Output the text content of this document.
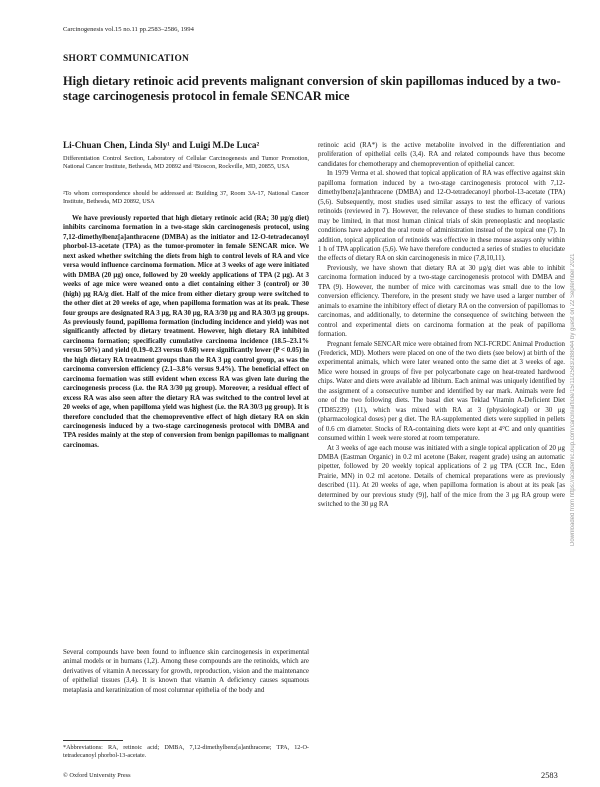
Carcinogenesis vol.15 no.11 pp.2583–2586, 1994
SHORT COMMUNICATION
High dietary retinoic acid prevents malignant conversion of skin papillomas induced by a two-stage carcinogenesis protocol in female SENCAR mice
Li-Chuan Chen, Linda Sly¹ and Luigi M.De Luca²
Differentiation Control Section, Laboratory of Cellular Carcinogenesis and Tumor Promotion, National Cancer Institute, Bethesda, MD 20892 and ¹Bioscon, Rockville, MD, 20855, USA
²To whom correspondence should be addressed at: Building 37, Room 3A-17, National Cancer Institute, Bethesda, MD 20892, USA

We have previously reported that high dietary retinoic acid (RA; 30 μg/g diet) inhibits carcinoma formation in a two-stage skin carcinogenesis protocol, using 7,12-dimethylbenz[a]anthracene (DMBA) as the initiator and 12-O-tetradecanoyl phorbol-13-acetate (TPA) as the tumor-promoter in female SENCAR mice. We next asked whether switching the diets from high to control levels of RA and vice versa would influence carcinoma formation. Mice at 3 weeks of age were initiated with DMBA (20 μg) once, followed by 20 weekly applications of TPA (2 μg). At 3 weeks of age mice were weaned onto a diet containing either 3 (control) or 30 (high) μg RA/g diet. Half of the mice from either dietary group were switched to the other diet at 20 weeks of age, when papilloma formation was at its peak. These four groups are designated RA 3 μg, RA 30 μg, RA 3/30 μg and RA 30/3 μg groups. As previously found, papilloma formation (including incidence and yield) was not significantly affected by dietary treatment. However, high dietary RA inhibited carcinoma formation; specifically cumulative carcinoma incidence (18.5–23.1% versus 50%) and yield (0.19–0.23 versus 0.68) were significantly lower (P < 0.05) in the high dietary RA treatment groups than the RA 3 μg control group, as was the carcinoma conversion efficiency (2.1–3.8% versus 9.4%). The beneficial effect on carcinoma formation was still evident when excess RA was given late during the carcinogenesis process (i.e. the RA 3/30 μg group). Moreover, a residual effect of excess RA was also seen after the dietary RA was switched to the control level at 20 weeks of age, when papilloma yield was highest (i.e. the RA 30/3 μg group). It is therefore concluded that the chemopreventive effect of high dietary RA on skin carcinogenesis induced by a two-stage carcinogenesis protocol with DMBA and TPA resides mainly at the step of conversion from benign papillomas to malignant carcinomas.

Several compounds have been found to influence skin carcinogenesis in experimental animal models or in humans (1,2). Among these compounds are the retinoids, which are derivatives of vitamin A necessary for growth, reproduction, vision and the maintenance of epithelial tissues (3,4). It is known that vitamin A deficiency causes squamous metaplasia and keratinization of most columnar epithelia of the body and

*Abbreviations: RA, retinoic acid; DMBA, 7,12-dimethylbenz[a]anthracene; TPA, 12-O-tetradecanoyl phorbol-13-acetate.
© Oxford University Press

retinoic acid (RA*) is the active metabolite involved in the differentiation and proliferation of epithelial cells (3,4). RA and related compounds have thus become candidates for chemotherapy and chemoprevention of epithelial cancer.

In 1979 Verma et al. showed that topical application of RA was effective against skin papilloma formation induced by a two-stage carcinogenesis protocol with 7,12-dimethylbenz[a]anthracene (DMBA) and 12-O-tetradecanoyl phorbol-13-acetate (TPA) (5,6). Subsequently, most studies used similar assays to test the efficacy of various retinoids (reviewed in 7). However, the relevance of these studies to human conditions may be limited, in that most human clinical trials of skin preneoplastic and neoplastic conditions have adopted the oral route of administration instead of the topical one (7). In addition, topical application of retinoids was effective in these mouse assays only within 1 h of TPA application (5,6). We have therefore conducted a series of studies to elucidate the effects of dietary RA on skin carcinogenesis in mice (7,8,10,11).

Previously, we have shown that dietary RA at 30 μg/g diet was able to inhibit carcinoma formation induced by a two-stage carcinogenesis protocol with DMBA and TPA (9). However, the number of mice with carcinomas was small due to the low conversion efficiency. Therefore, in the present study we have used a larger number of animals to examine the inhibitory effect of dietary RA on the conversion of papillomas to carcinomas, and additionally, to determine the consequence of switching between the control and experimental diets on carcinoma formation at the peak of papilloma formation.

Pregnant female SENCAR mice were obtained from NCI-FCRDC Animal Production (Frederick, MD). Mothers were placed on one of the two diets (see below) at birth of the experimental animals, which were later weaned onto the same diet at 3 weeks of age. Mice were housed in groups of five per polycarbonate cage on heat-treated hardwood chips. Water and diets were available ad libitum. Each animal was uniquely identified by the assignment of a consecutive number and identified by ear mark. Animals were fed one of the two following diets. The basal diet was Teklad Vitamin A-Deficient Diet (TD85239) (11), which was mixed with RA at 3 (physiological) or 30 μg (pharmacological doses) per g diet. The RA-supplemented diets were supplied in pellets of 0.6 cm diameter. Stocks of RA-containing diets were kept at 4°C and only quantities consumed within 1 week were stored at room temperature.

At 3 weeks of age each mouse was initiated with a single topical application of 20 μg DMBA (Eastman Organic) in 0.2 ml acetone (Baker, reagent grade) using an automatic pipetter, followed by 20 weekly topical applications of 2 μg TPA (CCR Inc., Eden Prairie, MN) in 0.2 ml acetone. Details of chemical preparations were as previously described (11). At 20 weeks of age, when papilloma formation is about at its peak [as determined by our previous study (9)], half of the mice from the 3 μg RA group were switched to the 30 μg RA

2583
Downloaded from https://academic.oup.com/carcin/article/15/11/2583/288044 by guest on 22 September 2021
